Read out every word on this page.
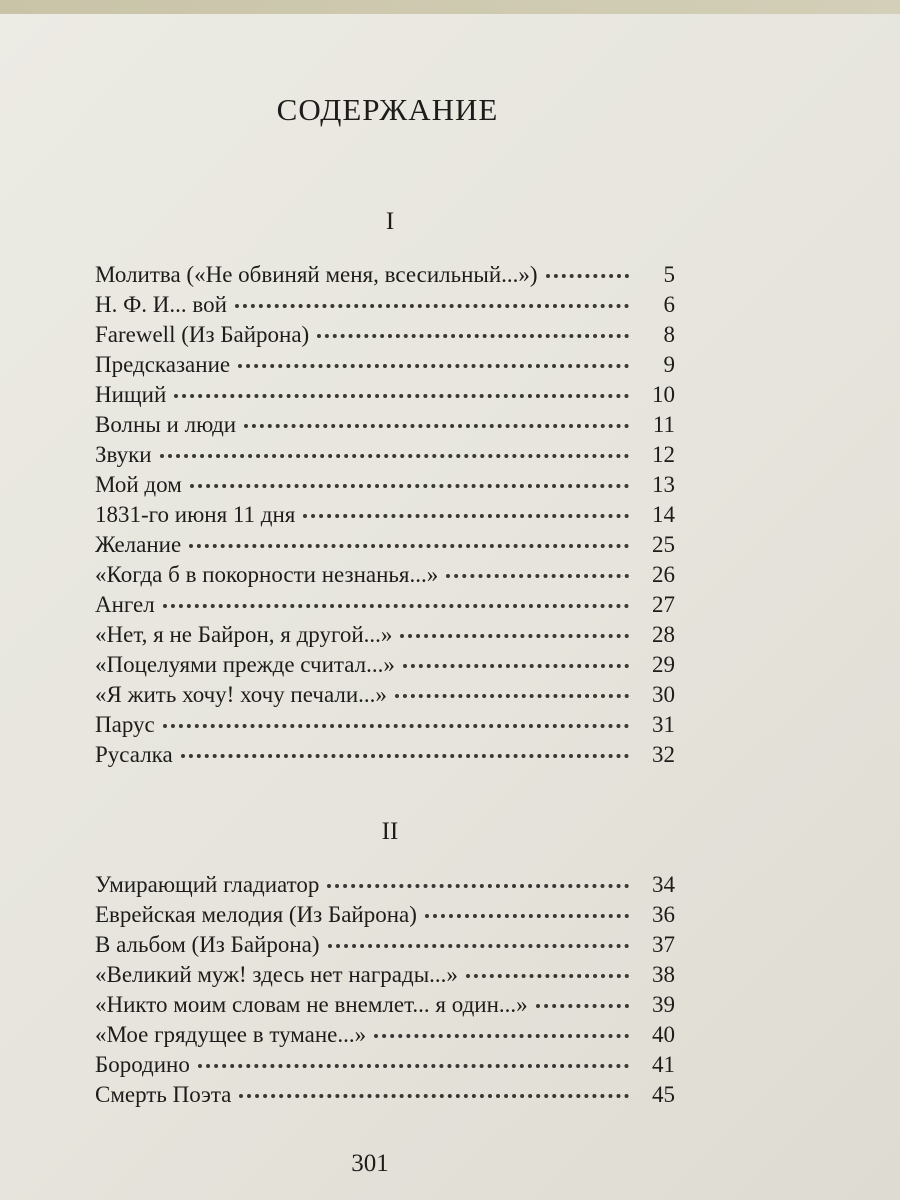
СОДЕРЖАНИЕ
I
Молитва («Не обвиняй меня, всесильный...»)	5
Н. Ф. И... вой	6
Farewell (Из Байрона)	8
Предсказание	9
Нищий	10
Волны и люди	11
Звуки	12
Мой дом	13
1831-го июня 11 дня	14
Желание	25
«Когда б в покорности незнанья...»	26
Ангел	27
«Нет, я не Байрон, я другой...»	28
«Поцелуями прежде считал...»	29
«Я жить хочу! хочу печали...»	30
Парус	31
Русалка	32
II
Умирающий гладиатор	34
Еврейская мелодия (Из Байрона)	36
В альбом (Из Байрона)	37
«Великий муж! здесь нет награды...»	38
«Никто моим словам не внемлет... я один...»	39
«Мое грядущее в тумане...»	40
Бородино	41
Смерть Поэта	45
301
